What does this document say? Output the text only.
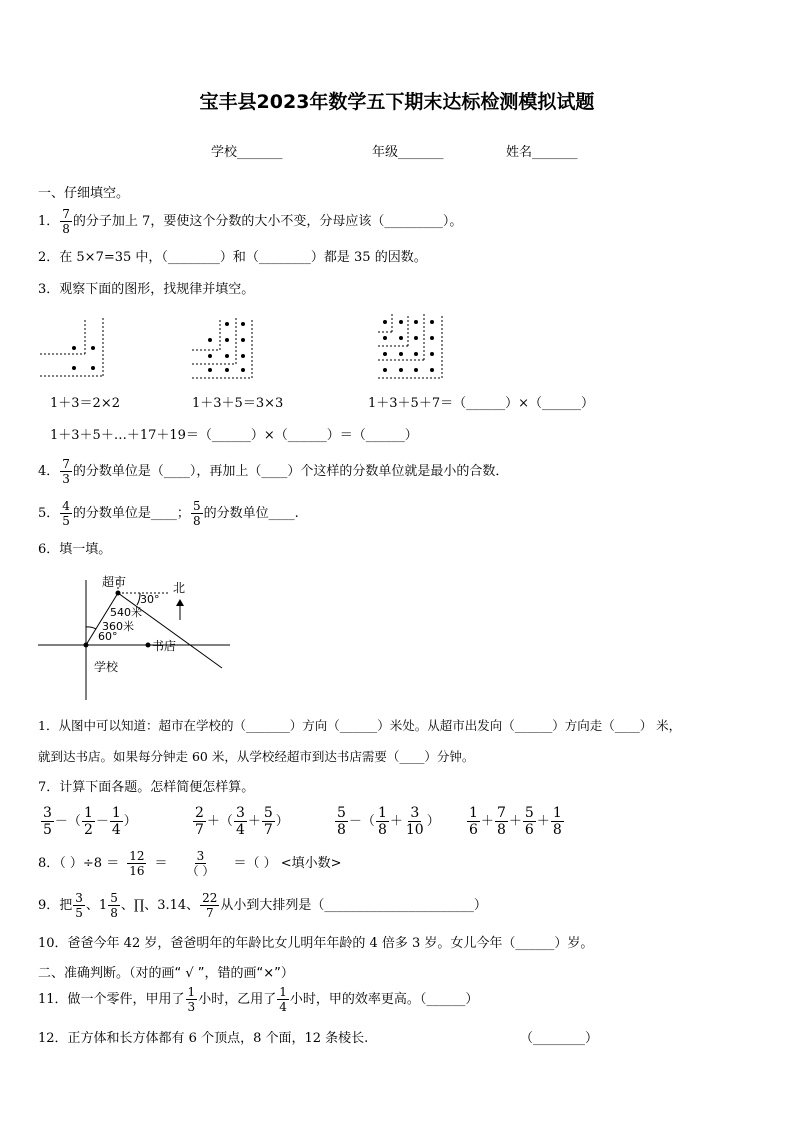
宝丰县2023年数学五下期末达标检测模拟试题
学校_______	年级_______	姓名_______
一、仔细填空。
1． $\frac{7}{8}$ 的分子加上 7，要使这个分数的大小不变，分母应该（_________）。
2．在 5×7=35 中，（________）和（________）都是 35 的因数。
3．观察下面的图形，找规律并填空。
1＋3＝2×2	1＋3＋5＝3×3	1＋3＋5＋7＝（______）×（______）
1＋3＋5＋…＋17＋19＝（______）×（______）＝（______）
4． $\frac{7}{3}$ 的分数单位是（____），再加上（____）个这样的分数单位就是最小的合数．
5． $\frac{4}{5}$ 的分数单位是____； $\frac{5}{8}$ 的分数单位____.
6．填一填。
超市	北
30°
540米
360米
60°
书店
学校
1．从图中可以知道：超市在学校的（_______）方向（______）米处。从超市出发向（______）方向走（____） 米，
就到达书店。如果每分钟走 60 米，从学校经超市到达书店需要（____）分钟。
7．计算下面各题。怎样简便怎样算。
$\frac{3}{5}$ －（ $\frac{1}{2} - \frac{1}{4}$ ）	$\frac{2}{7}$ ＋（ $\frac{3}{4} + \frac{5}{7}$ ）	$\frac{5}{8}$ －（ $\frac{1}{8} + \frac{3}{10}$ ） $\frac{1}{6} + \frac{7}{8} + \frac{5}{6} + \frac{1}{8}$
8．（ ）$\div 8 = \frac{12}{16} = \frac{3}{( )}$ ＝（ ） <填小数>
9．把 $\frac{3}{5}$ 、$1 \frac{5}{8}$ 、∏、3.14、 $\frac{22}{7}$ 从小到大排列是（_______________________）
10．爸爸今年 42 岁，爸爸明年的年龄比女儿明年年龄的 4 倍多 3 岁。女儿今年（______）岁。
二、准确判断。（对的画“ √ ”，错的画“×”）
11．做一个零件，甲用了 $\frac{1}{3}$ 小时，乙用了 $\frac{1}{4}$ 小时，甲的效率更高。（______）
12．正方体和长方体都有 6 个顶点，8 个面，12 条棱长.	（________）
